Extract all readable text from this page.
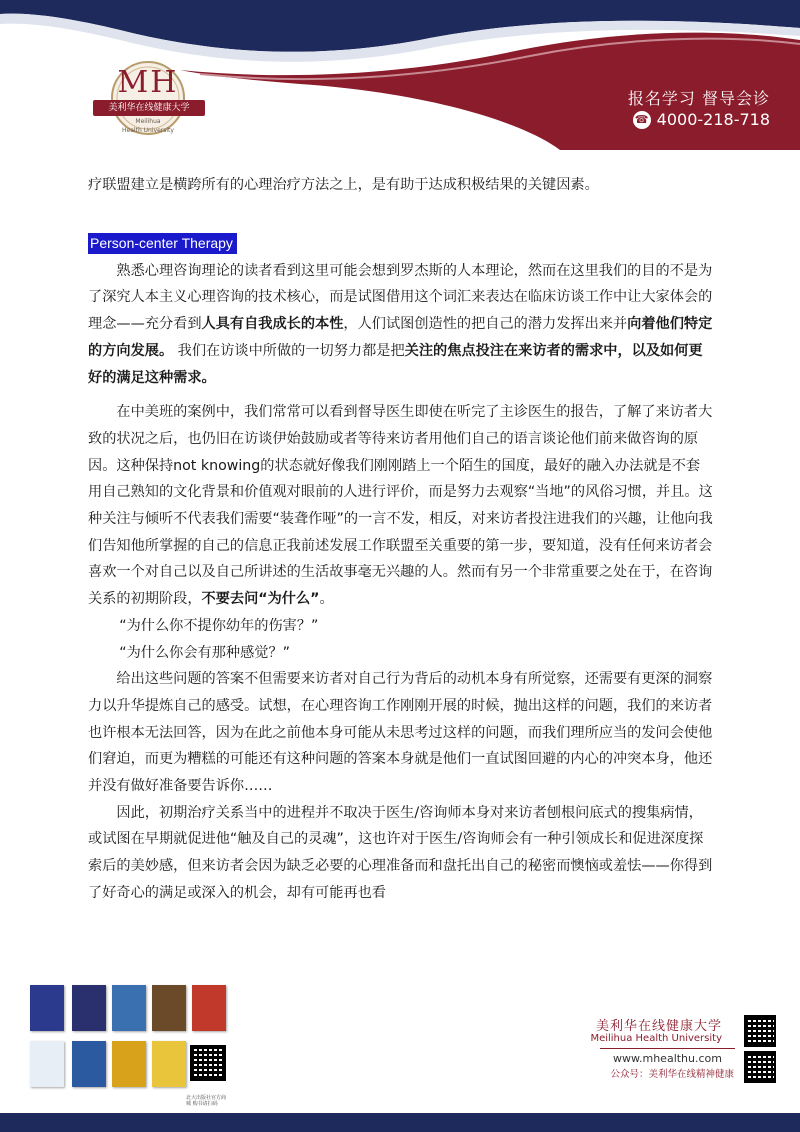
MH
美利华在线健康大学
Meilihua
Health University
报名学习 督导会诊
☎ 4000-218-718

疗联盟建立是横跨所有的心理治疗方法之上，是有助于达成积极结果的关键因素。

Person-center Therapy

熟悉心理咨询理论的读者看到这里可能会想到罗杰斯的人本理论，然而在这里我们的目的不是为了深究人本主义心理咨询的技术核心，而是试图借用这个词汇来表达在临床访谈工作中让大家体会的理念——充分看到人具有自我成长的本性，人们试图创造性的把自己的潜力发挥出来并向着他们特定的方向发展。 我们在访谈中所做的一切努力都是把关注的焦点投注在来访者的需求中，以及如何更好的满足这种需求。

在中美班的案例中，我们常常可以看到督导医生即使在听完了主诊医生的报告，了解了来访者大致的状况之后，也仍旧在访谈伊始鼓励或者等待来访者用他们自己的语言谈论他们前来做咨询的原因。这种保持not knowing的状态就好像我们刚刚踏上一个陌生的国度，最好的融入办法就是不套用自己熟知的文化背景和价值观对眼前的人进行评价，而是努力去观察“当地”的风俗习惯，并且。这种关注与倾听不代表我们需要“装聋作哑”的一言不发，相反，对来访者投注进我们的兴趣，让他向我们告知他所掌握的自己的信息正我前述发展工作联盟至关重要的第一步，要知道，没有任何来访者会喜欢一个对自己以及自己所讲述的生活故事毫无兴趣的人。然而有另一个非常重要之处在于，在咨询关系的初期阶段，不要去问“为什么”。

“为什么你不提你幼年的伤害？”

“为什么你会有那种感觉？”

给出这些问题的答案不但需要来访者对自己行为背后的动机本身有所觉察，还需要有更深的洞察力以升华提炼自己的感受。试想，在心理咨询工作刚刚开展的时候，抛出这样的问题，我们的来访者也许根本无法回答，因为在此之前他本身可能从未思考过这样的问题，而我们理所应当的发问会使他们窘迫，而更为糟糕的可能还有这种问题的答案本身就是他们一直试图回避的内心的冲突本身，他还并没有做好准备要告诉你……

因此，初期治疗关系当中的进程并不取决于医生/咨询师本身对来访者刨根问底式的搜集病情，或试图在早期就促进他“触及自己的灵魂”，这也许对于医生/咨询师会有一种引领成长和促进深度探索后的美妙感，但来访者会因为缺乏必要的心理准备而和盘托出自己的秘密而懊恼或羞怯——你得到了好奇心的满足或深入的机会，却有可能再也看

北大出版社官方商城 购书请扫码
美利华在线健康大学
Meilihua Health University
www.mhealthu.com
公众号：美利华在线精神健康
